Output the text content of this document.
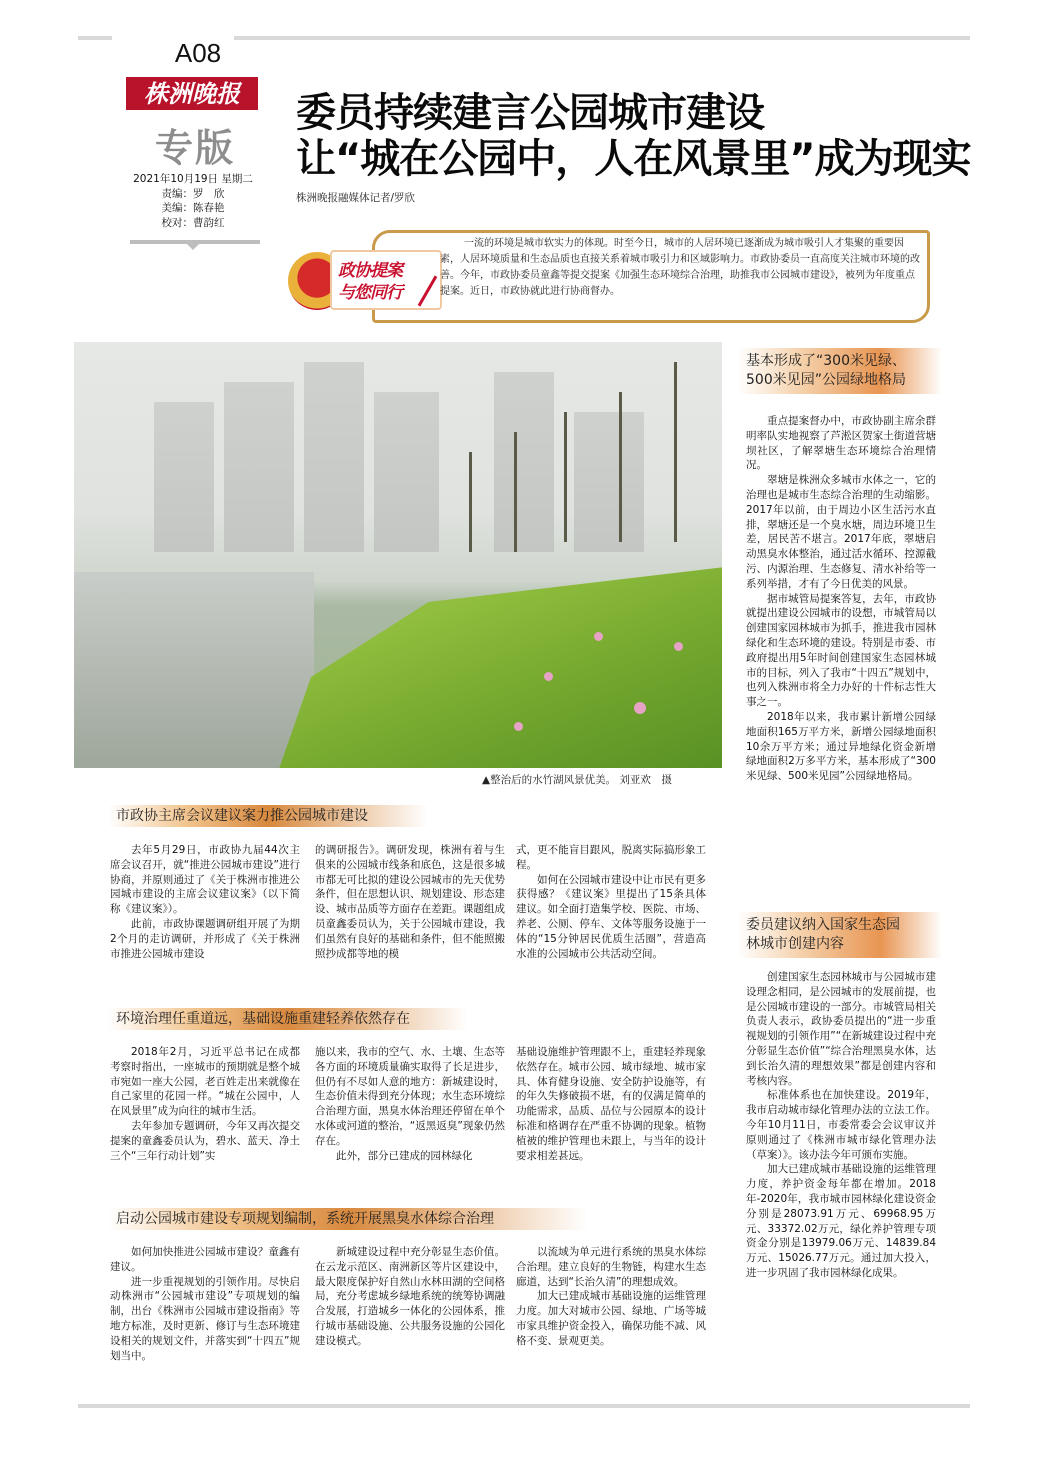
A08
株洲晚报
专版
2021年10月19日 星期二
责编：罗　欣
美编：陈春艳
校对：曹韵红
委员持续建言公园城市建设
让“城在公园中，人在风景里”成为现实
株洲晚报融媒体记者/罗欣
政协提案
与您同行
一流的环境是城市软实力的体现。时至今日，城市的人居环境已逐渐成为城市吸引人才集聚的重要因素，人居环境质量和生态品质也直接关系着城市吸引力和区域影响力。市政协委员一直高度关注城市环境的改善。今年，市政协委员童鑫等提交提案《加强生态环境综合治理，助推我市公园城市建设》，被列为年度重点提案。近日，市政协就此进行协商督办。
▲整治后的水竹湖风景优美。 刘亚欢　摄
基本形成了“300米见绿、
500米见园”公园绿地格局

重点提案督办中，市政协副主席余群明率队实地视察了芦淞区贺家土街道营塘坝社区，了解翠塘生态环境综合治理情况。

翠塘是株洲众多城市水体之一，它的治理也是城市生态综合治理的生动缩影。2017年以前，由于周边小区生活污水直排，翠塘还是一个臭水塘，周边环境卫生差，居民苦不堪言。2017年底，翠塘启动黑臭水体整治，通过活水循环、控源截污、内源治理、生态修复、清水补给等一系列举措，才有了今日优美的风景。

据市城管局提案答复，去年，市政协就提出建设公园城市的设想，市城管局以创建国家园林城市为抓手，推进我市园林绿化和生态环境的建设。特别是市委、市政府提出用5年时间创建国家生态园林城市的目标，列入了我市“十四五”规划中，也列入株洲市将全力办好的十件标志性大事之一。

2018年以来，我市累计新增公园绿地面积165万平方米，新增公园绿地面积10余万平方米；通过异地绿化资金新增绿地面积2万多平方米，基本形成了“300米见绿、500米见园”公园绿地格局。

委员建议纳入国家生态园
林城市创建内容

创建国家生态园林城市与公园城市建设理念相同，是公园城市的发展前提，也是公园城市建设的一部分。市城管局相关负责人表示，政协委员提出的“进一步重视规划的引领作用”“在新城建设过程中充分彰显生态价值”“综合治理黑臭水体，达到长治久清的理想效果”都是创建内容和考核内容。

标准体系也在加快建设。2019年，我市启动城市绿化管理办法的立法工作。今年10月11日，市委常委会会议审议并原则通过了《株洲市城市绿化管理办法（草案）》。该办法今年可颁布实施。

加大已建成城市基础设施的运维管理力度，养护资金每年都在增加。2018年-2020年，我市城市园林绿化建设资金分别是28073.91万元、69968.95万元、33372.02万元，绿化养护管理专项资金分别是13979.06万元、14839.84万元、15026.77万元。通过加大投入，进一步巩固了我市园林绿化成果。

市政协主席会议建议案力推公园城市建设

去年5月29日，市政协九届44次主席会议召开，就“推进公园城市建设”进行协商，并原则通过了《关于株洲市推进公园城市建设的主席会议建议案》（以下简称《建议案》）。

此前，市政协课题调研组开展了为期2个月的走访调研，并形成了《关于株洲市推进公园城市建设

的调研报告》。调研发现，株洲有着与生俱来的公园城市线条和底色，这是很多城市都无可比拟的建设公园城市的先天优势条件，但在思想认识、规划建设、形态建设、城市品质等方面存在差距。课题组成员童鑫委员认为，关于公园城市建设，我们虽然有良好的基础和条件，但不能照搬照抄成都等地的模

式，更不能盲目跟风，脱离实际搞形象工程。

如何在公园城市建设中让市民有更多获得感？《建议案》里提出了15条具体建议。如全面打造集学校、医院、市场、养老、公厕、停车、文体等服务设施于一体的“15分钟居民优质生活圈”，营造高水准的公园城市公共活动空间。

环境治理任重道远，基础设施重建轻养依然存在

2018年2月，习近平总书记在成都考察时指出，一座城市的预期就是整个城市宛如一座大公园，老百姓走出来就像在自己家里的花园一样。“城在公园中，人在风景里”成为向往的城市生活。

去年参加专题调研，今年又再次提交提案的童鑫委员认为，碧水、蓝天、净土三个“三年行动计划”实

施以来，我市的空气、水、土壤、生态等各方面的环境质量确实取得了长足进步，但仍有不尽如人意的地方：新城建设时，生态价值未得到充分体现；水生态环境综合治理方面，黑臭水体治理还停留在单个水体或河道的整治，“返黑返臭”现象仍然存在。

此外，部分已建成的园林绿化

基础设施维护管理跟不上，重建轻养现象依然存在。城市公园、城市绿地、城市家具、体育健身设施、安全防护设施等，有的年久失修破损不堪，有的仅满足简单的功能需求，品质、品位与公园原本的设计标准和格调存在严重不协调的现象。植物植被的维护管理也未跟上，与当年的设计要求相差甚远。

启动公园城市建设专项规划编制，系统开展黑臭水体综合治理

如何加快推进公园城市建设？童鑫有建议。

进一步重视规划的引领作用。尽快启动株洲市“公园城市建设”专项规划的编制，出台《株洲市公园城市建设指南》等地方标准，及时更新、修订与生态环境建设相关的规划文件，并落实到“十四五”规划当中。

新城建设过程中充分彰显生态价值。在云龙示范区、南洲新区等片区建设中，最大限度保护好自然山水林田湖的空间格局，充分考虑城乡绿地系统的统筹协调融合发展，打造城乡一体化的公园体系，推行城市基础设施、公共服务设施的公园化建设模式。

以流域为单元进行系统的黑臭水体综合治理。建立良好的生物链，构建水生态廊道，达到“长治久清”的理想成效。

加大已建成城市基础设施的运维管理力度。加大对城市公园、绿地、广场等城市家具维护资金投入，确保功能不减、风格不变、景观更美。
